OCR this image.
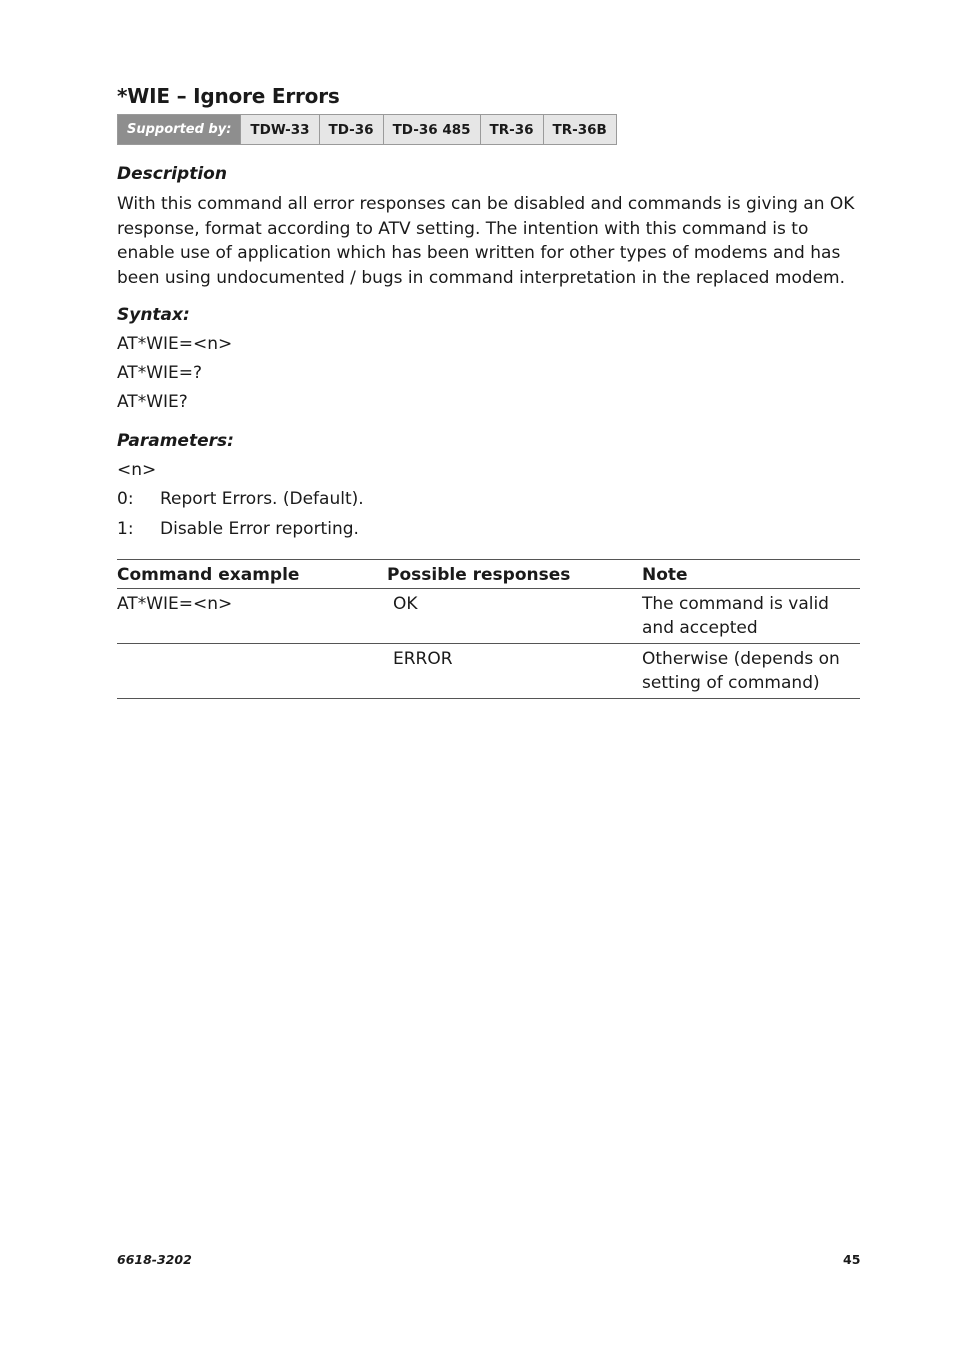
*WIE – Ignore Errors
Supported by:	TDW-33	TD-36	TD-36 485	TR-36	TR-36B
Description

With this command all error responses can be disabled and commands is giving an OK response, format according to ATV setting. The intention with this command is to enable use of application which has been written for other types of modems and has been using undocumented / bugs in command interpretation in the replaced modem.

Syntax:

AT*WIE=<n>

AT*WIE=?

AT*WIE?

Parameters:

<n>

0:	Report Errors. (Default).
1:	Disable Error reporting.
Command example	Possible responses	Note
AT*WIE=<n>	OK	The command is valid and accepted
	ERROR	Otherwise (depends on setting of command)
6618-3202	45
